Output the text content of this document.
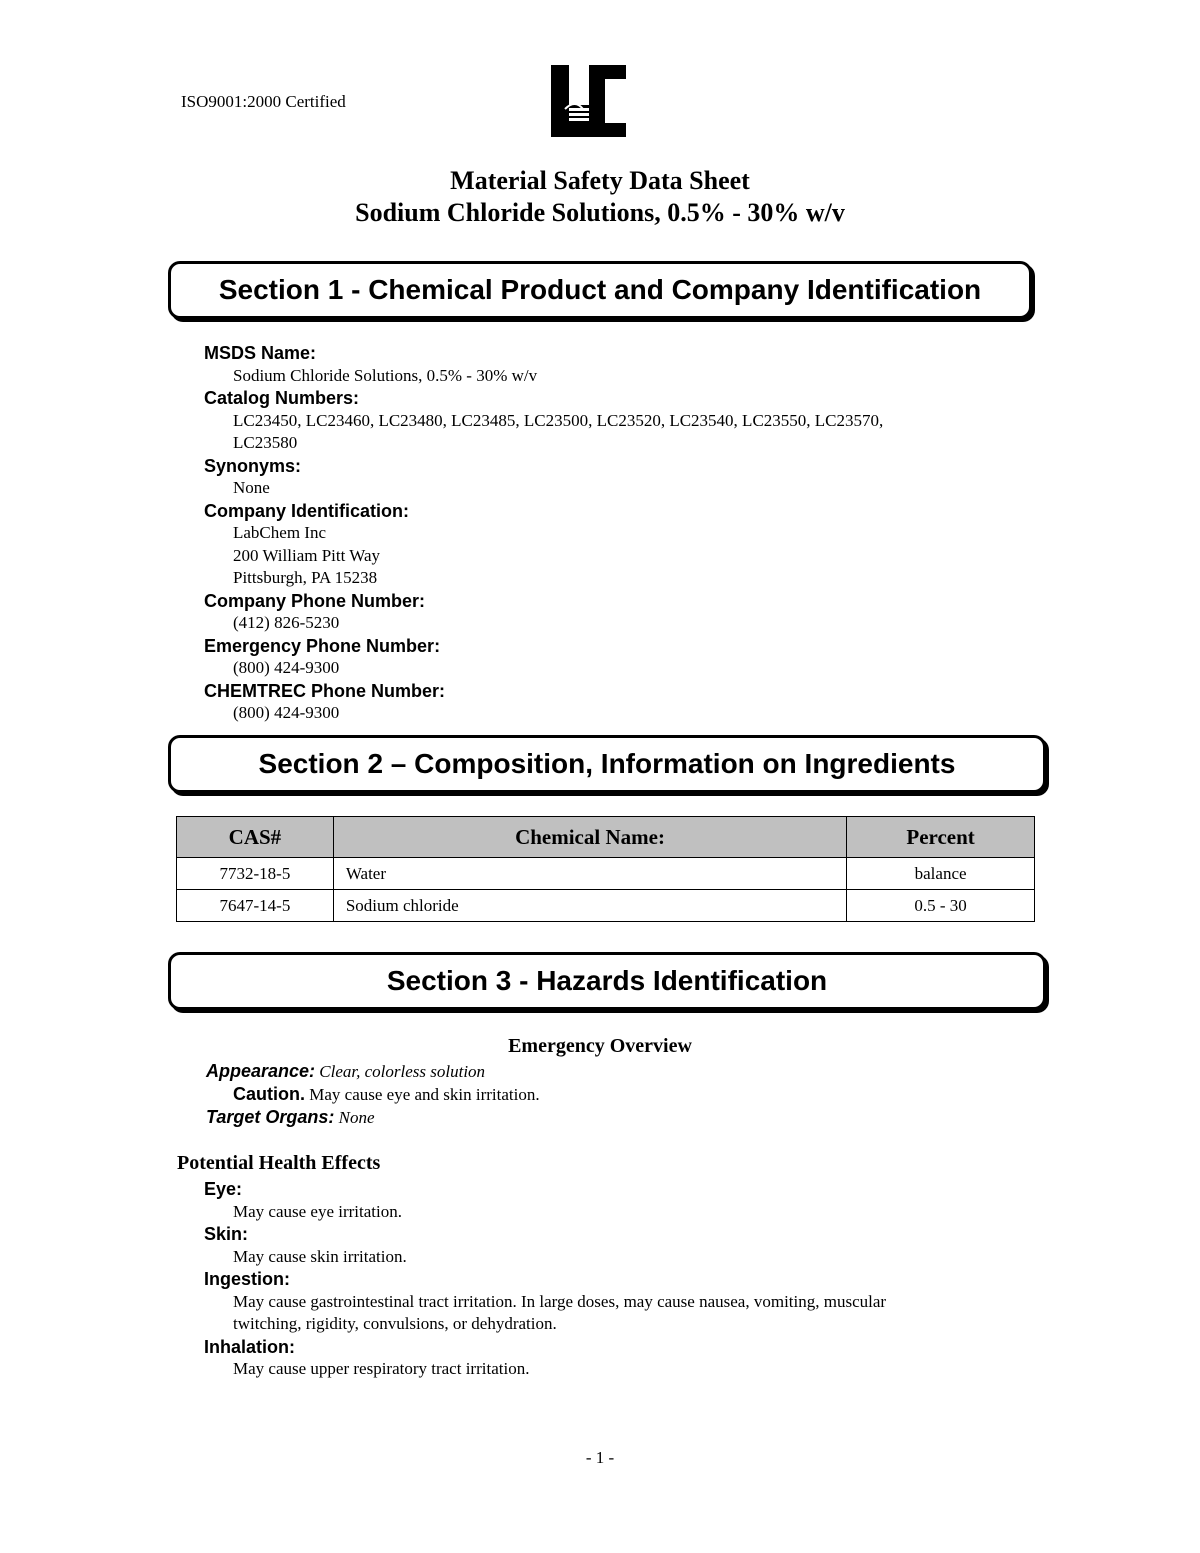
ISO9001:2000 Certified
Material Safety Data Sheet
Sodium Chloride Solutions, 0.5% - 30% w/v
Section 1 - Chemical Product and Company Identification
MSDS Name:
Sodium Chloride Solutions, 0.5% - 30% w/v
Catalog Numbers:
LC23450, LC23460, LC23480, LC23485, LC23500, LC23520, LC23540, LC23550, LC23570,
LC23580
Synonyms:
None
Company Identification:
LabChem Inc
200 William Pitt Way
Pittsburgh, PA 15238
Company Phone Number:
(412) 826-5230
Emergency Phone Number:
(800) 424-9300
CHEMTREC Phone Number:
(800) 424-9300
Section 2 – Composition, Information on Ingredients
CAS#	Chemical Name:	Percent
7732-18-5	Water	balance
7647-14-5	Sodium chloride	0.5 - 30
Section 3 - Hazards Identification
Emergency Overview
Appearance: Clear, colorless solution
Caution. May cause eye and skin irritation.
Target Organs: None
Potential Health Effects
Eye:
May cause eye irritation.
Skin:
May cause skin irritation.
Ingestion:
May cause gastrointestinal tract irritation. In large doses, may cause nausea, vomiting, muscular
twitching, rigidity, convulsions, or dehydration.
Inhalation:
May cause upper respiratory tract irritation.
- 1 -
